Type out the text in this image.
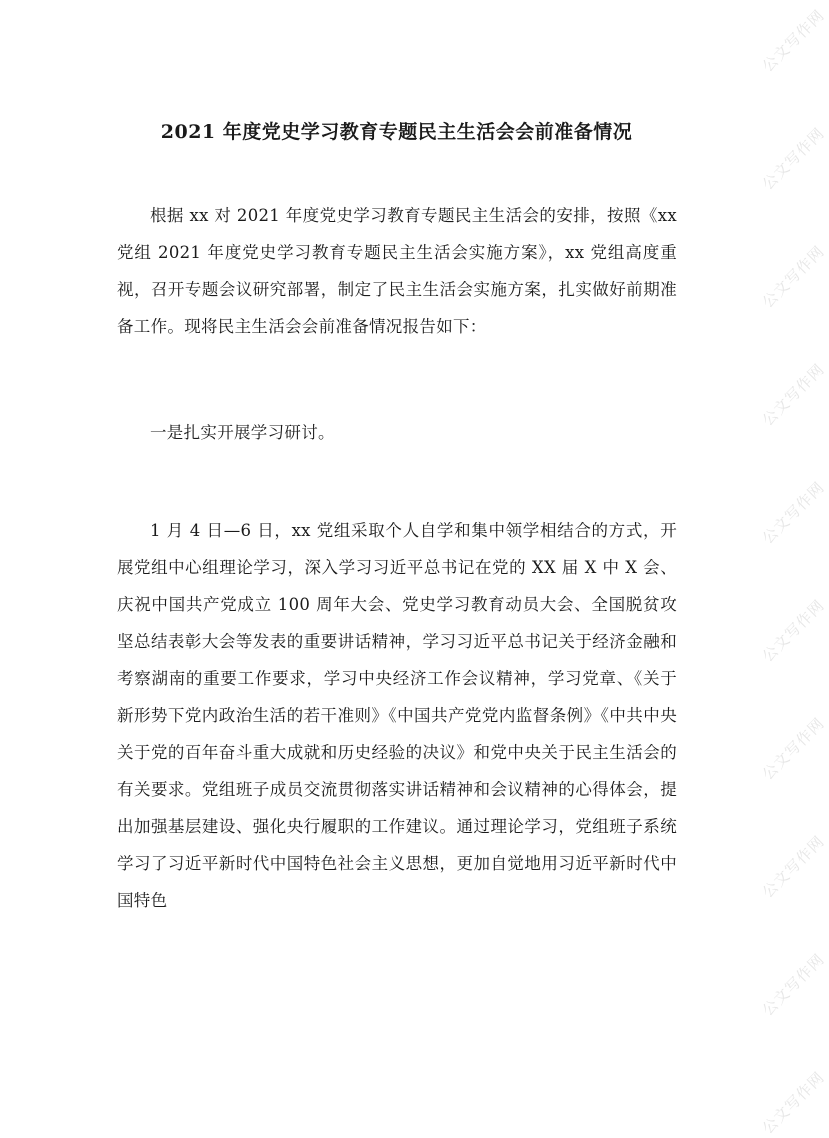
公文写作网
公文写作网
公文写作网
公文写作网
公文写作网
公文写作网
公文写作网
公文写作网
公文写作网
公文写作网
2021 年度党史学习教育专题民主生活会会前准备情况

根据 xx 对 2021 年度党史学习教育专题民主生活会的安排，按照《xx 党组 2021 年度党史学习教育专题民主生活会实施方案》，xx 党组高度重视，召开专题会议研究部署，制定了民主生活会实施方案，扎实做好前期准备工作。现将民主生活会会前准备情况报告如下：

一是扎实开展学习研讨。

1 月 4 日—6 日，xx 党组采取个人自学和集中领学相结合的方式，开展党组中心组理论学习，深入学习习近平总书记在党的 XX 届 X 中 X 会、庆祝中国共产党成立 100 周年大会、党史学习教育动员大会、全国脱贫攻坚总结表彰大会等发表的重要讲话精神，学习习近平总书记关于经济金融和考察湖南的重要工作要求，学习中央经济工作会议精神，学习党章、《关于新形势下党内政治生活的若干准则》《中国共产党党内监督条例》《中共中央关于党的百年奋斗重大成就和历史经验的决议》和党中央关于民主生活会的有关要求。党组班子成员交流贯彻落实讲话精神和会议精神的心得体会，提出加强基层建设、强化央行履职的工作建议。通过理论学习，党组班子系统学习了习近平新时代中国特色社会主义思想，更加自觉地用习近平新时代中国特色
